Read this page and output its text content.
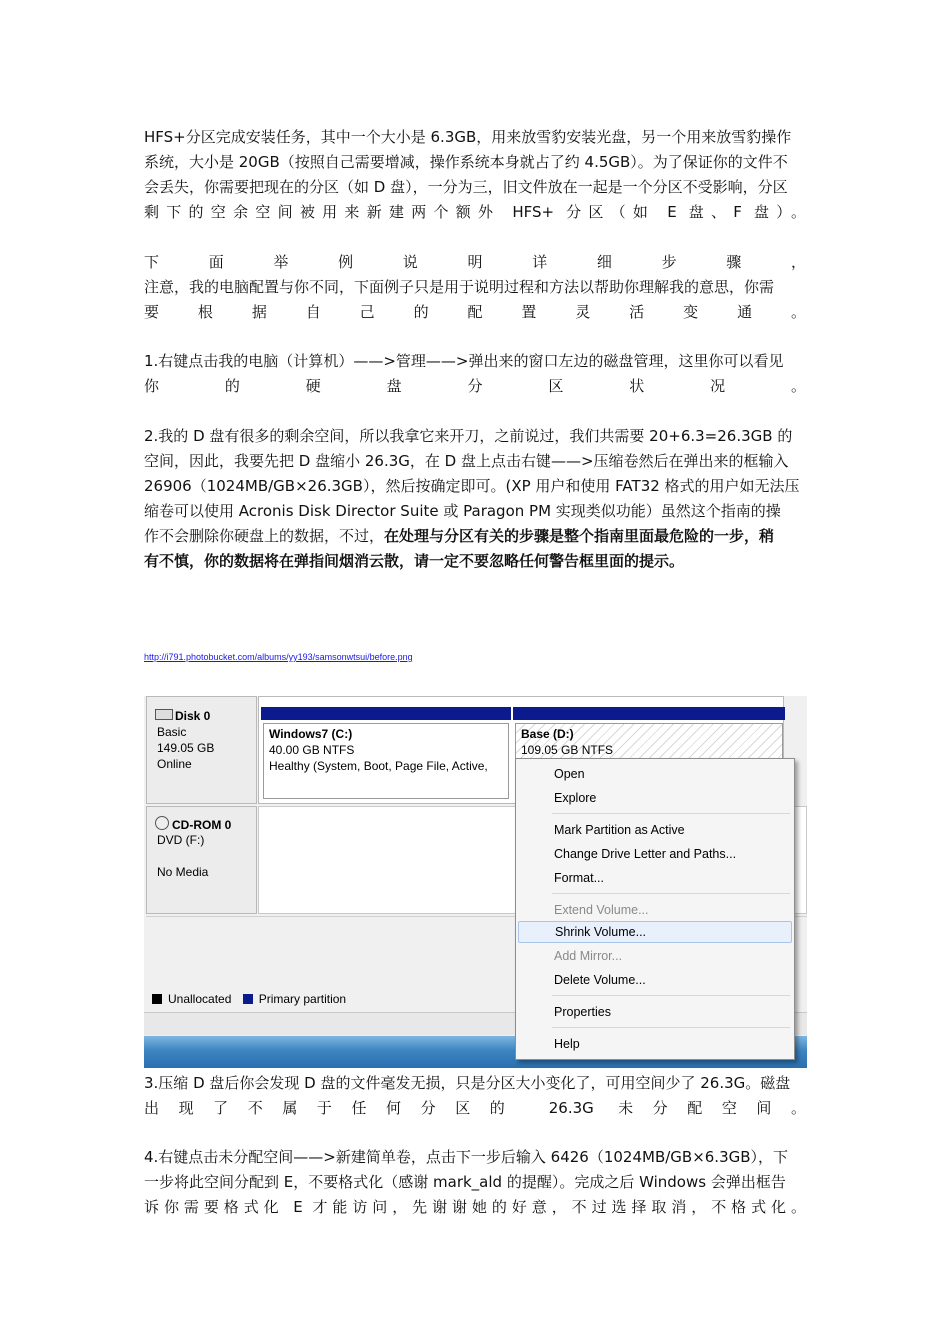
HFS+分区完成安装任务，其中一个大小是 6.3GB，用来放雪豹安装光盘，另一个用来放雪豹操作
系统，大小是 20GB（按照自己需要增减，操作系统本身就占了约 4.5GB）。为了保证你的文件不
会丢失，你需要把现在的分区（如 D 盘），一分为三，旧文件放在一起是一个分区不受影响，分区
剩下的空余空间被用来新建两个额外 HFS+ 分区（如 E 盘、F 盘）。
下面举例说明详细步骤，
注意，我的电脑配置与你不同，下面例子只是用于说明过程和方法以帮助你理解我的意思，你需
要根据自己的配置灵活变通。
1.右键点击我的电脑（计算机）——>管理——>弹出来的窗口左边的磁盘管理，这里你可以看见
你的硬盘分区状况。
2.我的 D 盘有很多的剩余空间，所以我拿它来开刀，之前说过，我们共需要 20+6.3=26.3GB 的
空间，因此，我要先把 D 盘缩小 26.3G，在 D 盘上点击右键——>压缩卷然后在弹出来的框输入
26906（1024MB/GB×26.3GB），然后按确定即可。(XP 用户和使用 FAT32 格式的用户如无法压
缩卷可以使用 Acronis Disk Director Suite 或 Paragon PM 实现类似功能）虽然这个指南的操
作不会删除你硬盘上的数据，不过，在处理与分区有关的步骤是整个指南里面最危险的一步，稍
有不慎，你的数据将在弹指间烟消云散，请一定不要忽略任何警告框里面的提示。
http://i791.photobucket.com/albums/yy193/samsonwtsui/before.png
Disk 0
Basic
149.05 GB
Online
Windows7 (C:)
40.00 GB NTFS
Healthy (System, Boot, Page File, Active,
Base (D:)
109.05 GB NTFS
CD-ROM 0
DVD (F:)
No Media
Unallocated Primary partition
Open
Explore
Mark Partition as Active
Change Drive Letter and Paths...
Format...
Extend Volume...
Shrink Volume...
Add Mirror...
Delete Volume...
Properties
Help
3.压缩 D 盘后你会发现 D 盘的文件毫发无损，只是分区大小变化了，可用空间少了 26.3G。磁盘
出现了不属于任何分区的 26.3G 未分配空间。
4.右键点击未分配空间——>新建简单卷，点击下一步后输入 6426（1024MB/GB×6.3GB），下
一步将此空间分配到 E，不要格式化（感谢 mark_ald 的提醒）。完成之后 Windows 会弹出框告
诉你需要格式化 E 才能访问，先谢谢她的好意，不过选择取消，不格式化。
